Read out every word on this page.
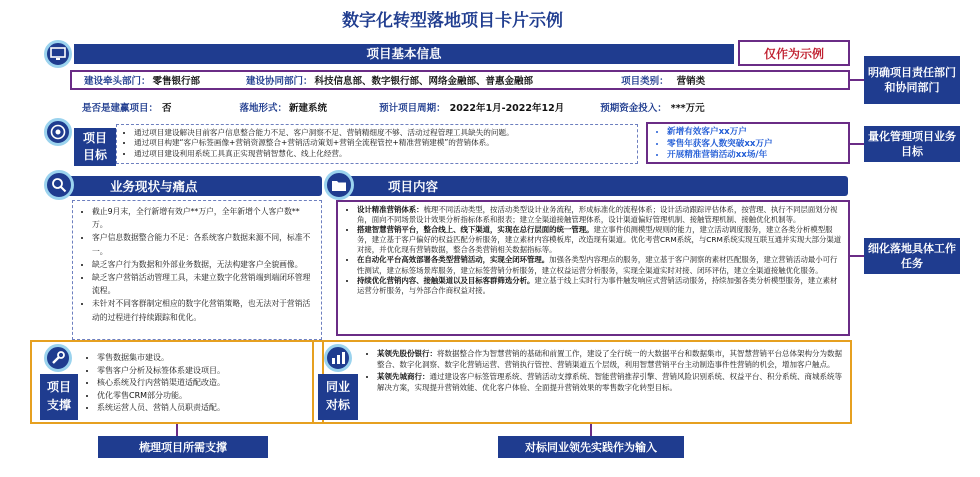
数字化转型落地项目卡片示例
项目基本信息	仅作为示例
建设牵头部门： 零售银行部	建设协同部门： 科技信息部、数字银行部、网络金融部、普惠金融部	项目类别： 营销类
是否是建赢项目： 否	落地形式： 新建系统	预计项目周期： 2022年1月-2022年12月	预期资金投入： ***万元
项目
目标
• 通过项目建设解决目前客户信息整合能力不足、客户洞察不足、营销精细度不够、活动过程管理工具缺失的问题。
• 通过项目构建“客户标签画像+营销资源整合+营销活动策划+营销全流程管控+精准营销建模”的营销体系。
• 通过项目建设利用系统工具真正实现营销智慧化、线上化经营。
• 新增有效客户xx万户
• 零售年获客人数突破xx万户
• 开展精准营销活动xx场/年
业务现状与痛点
• 截止9月末，全行新增有效户**万户，全年新增个人客户数**万。
• 客户信息数据整合能力不足：各系统客户数据来源不同，标准不一。
• 缺乏客户行为数据和外部业务数据，无法构建客户全貌画像。
• 缺乏客户营销活动管理工具，未建立数字化营销端到端闭环管理流程。
• 未针对不同客群制定相应的数字化营销策略，也无法对于营销活动的过程进行持续跟踪和优化。
项目内容
• 设计精准营销体系：梳理不同活动类型，按活动类型设计业务流程，形成标准化的流程体系；设计活动跟踪评估体系，按营理、执行不同层面划分视角，面向不同场景设计效果分析指标体系和报表；建立全渠道接触管理体系，设计渠道偏好管理机制、接触管理机制、接触优化机制等。
• 搭建智慧营销平台，整合线上、线下渠道，实现在总行层面的统一管理。建立事件侦测模型/规则的能力，建立活动调度服务，建立各类分析模型服务，建立基于客户偏好的权益匹配分析服务，建立素材内容模板库，改造现有渠道。优化考营CRM系统，与CRM系统实现互联互通并实现大部分渠道对接，并优化现有营销数据，整合各类营销相关数据指标等。
• 在自动化平台高效部署各类型营销活动，实现全闭环管理。加强各类型内容理点的服务，建立基于客户洞察的素材匹配服务，建立营销活动最小可行性测试，建立标签场景库服务，建立标签营销分析服务，建立权益运营分析服务，实现全渠道实时对接、闭环评估，建立全渠道接触优化服务。
• 持续优化营销内容、接触渠道以及目标客群筛选分析。建立基于线上实时行为事件触发响应式营销活动服务，持续加强各类分析模型服务，建立素材运营分析服务，与外部合作商权益对接。
项目
支撑
• 零售数据集市建设。
• 零售客户分析及标签体系建设项目。
• 核心系统及行内营销渠道适配改造。
• 优化零售CRM部分功能。
• 系统运营人员、营销人员职责适配。
同业
对标
• 某领先股份银行：将数据整合作为智慧营销的基础和前置工作，建设了全行统一的大数据平台和数据集市，其智慧营销平台总体架构分为数据整合、数字化洞察、数字化营销运营、营销执行管控、营销渠道五个层级，利用智慧营销平台主动制造事件性营销的机会，增加客户触点。
• 某领先城商行：通过建设客户标签管理系统、营销活动支撑系统、智能营销推荐引擎、营销风险识别系统、权益平台、积分系统、商城系统等解决方案，实现提升营销效能、优化客户体验、全面提升营销效果的零售数字化转型目标。
明确项目责任部门和协同部门
量化管理项目业务目标
细化落地具体工作任务
梳理项目所需支撑	对标同业领先实践作为输入
